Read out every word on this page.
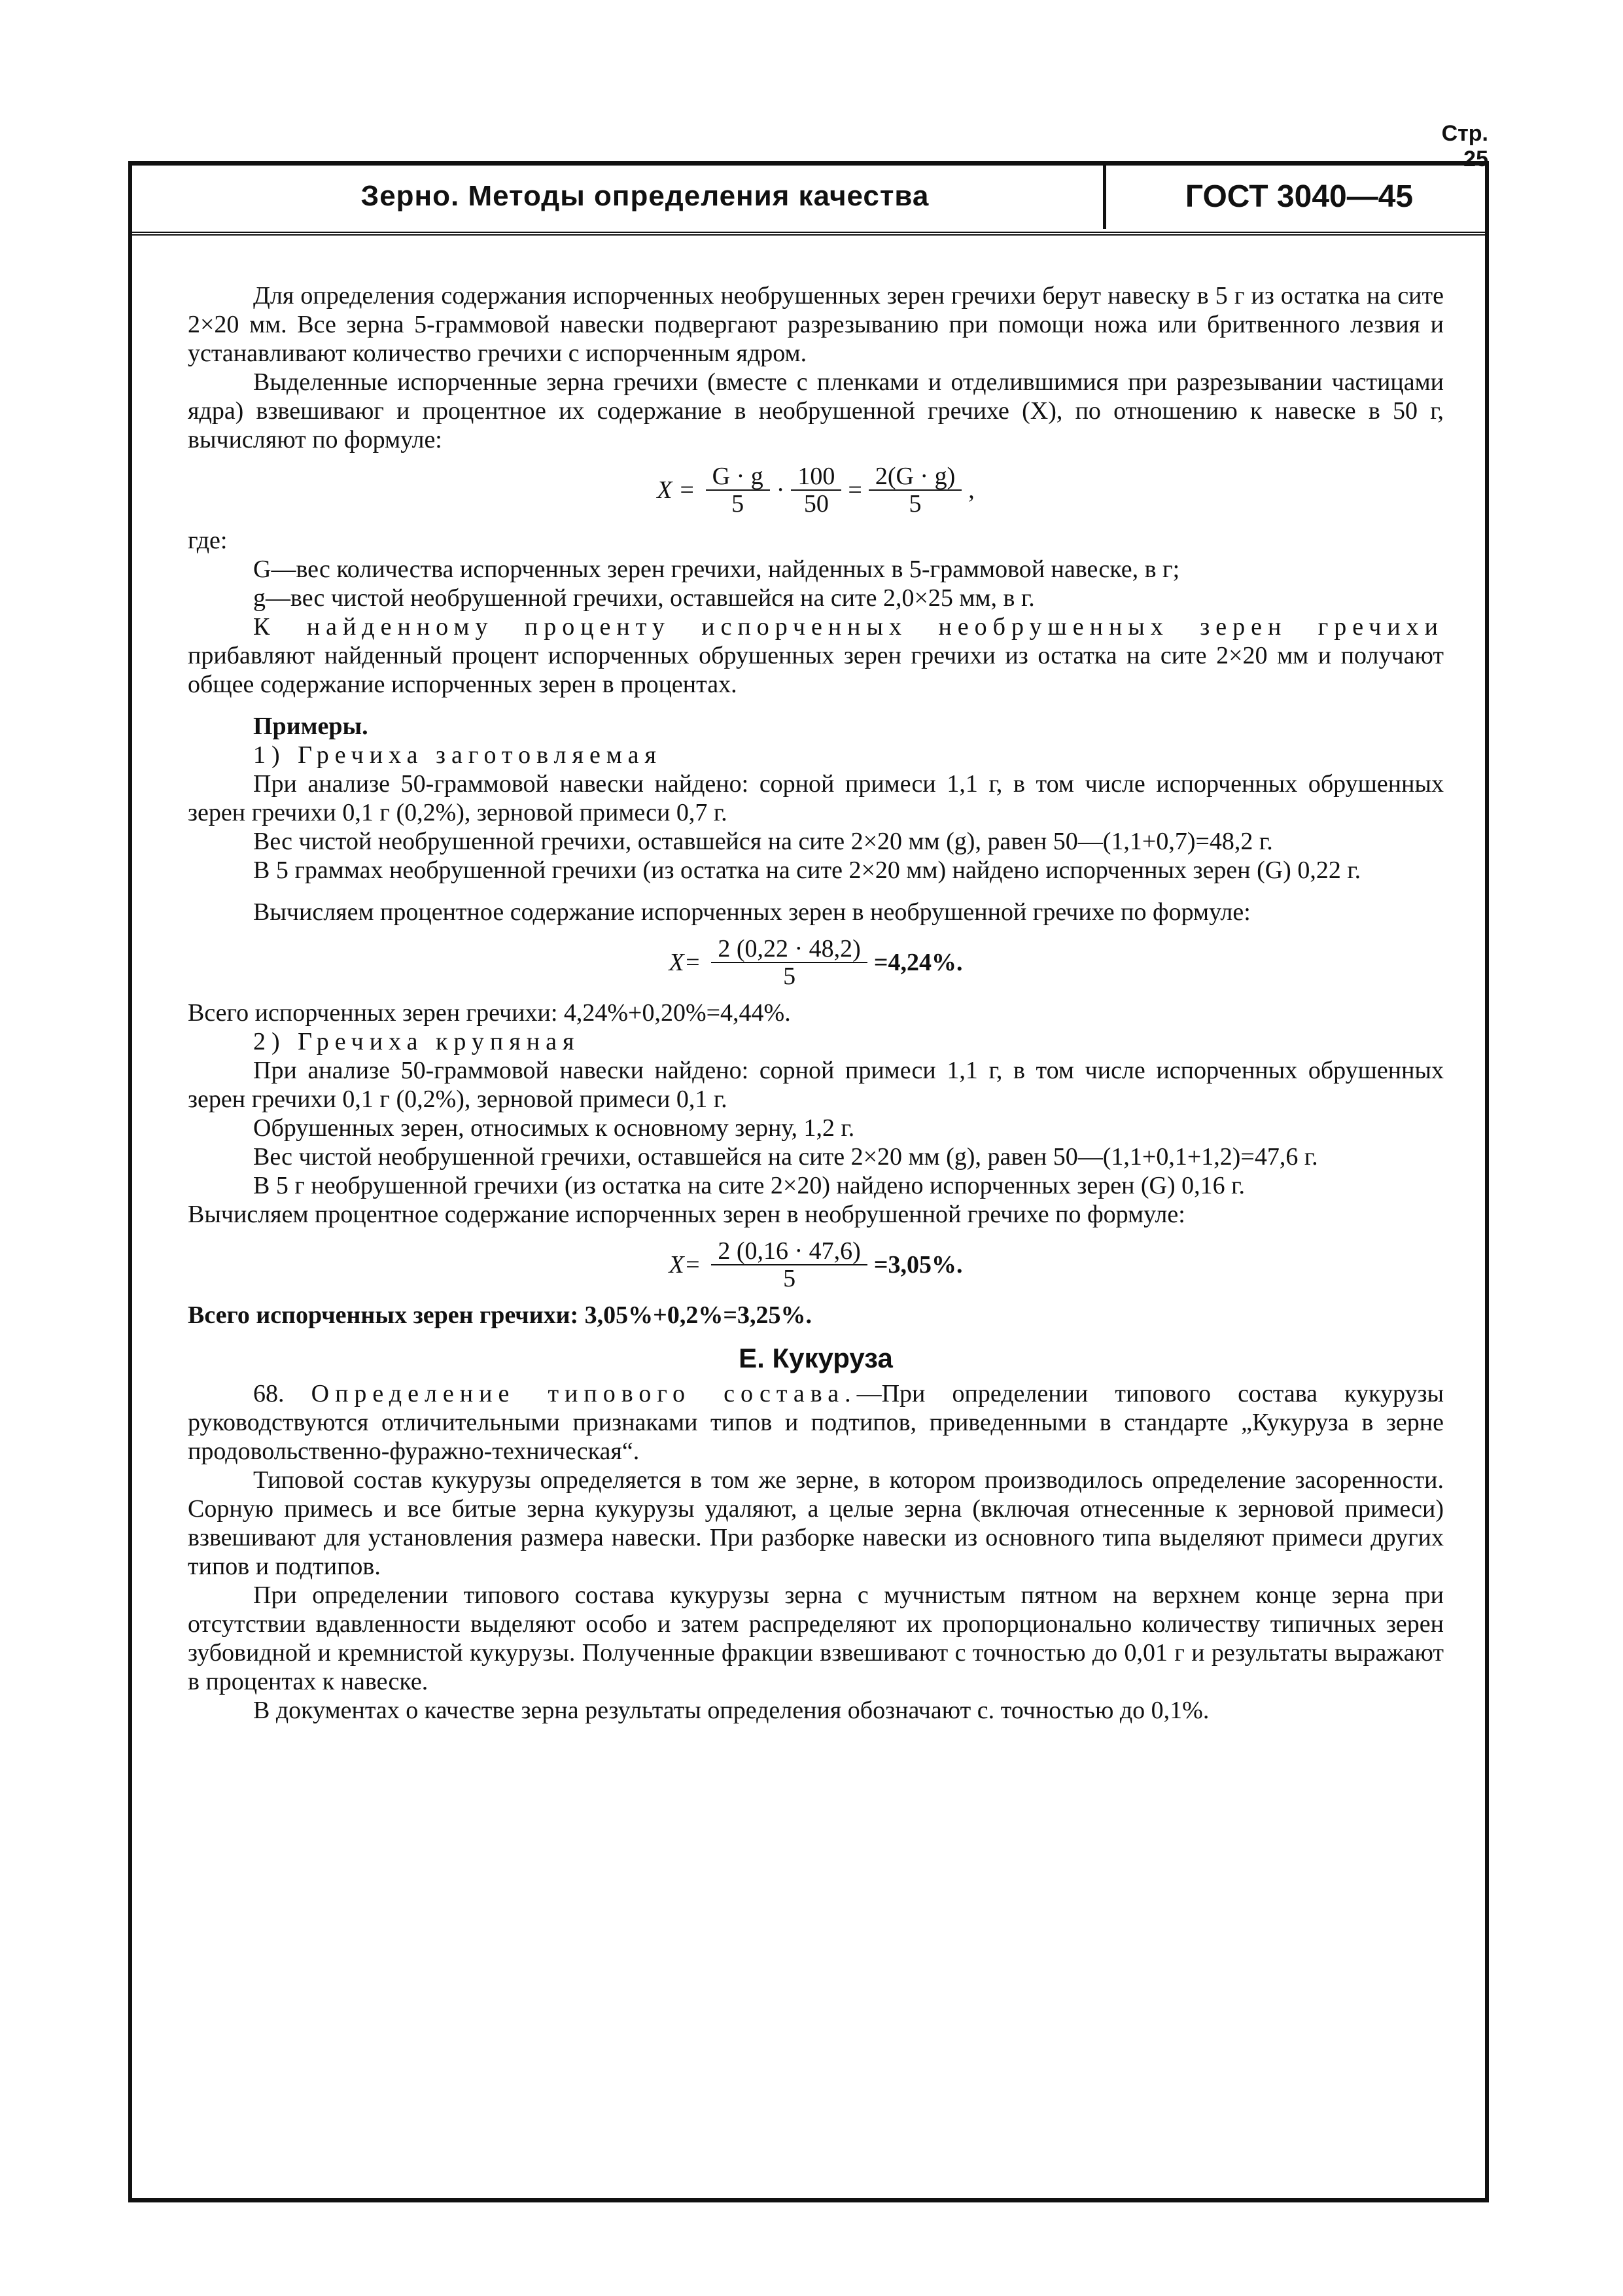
Стр. 25
Зерно. Методы определения качества	ГОСТ 3040—45

Для определения содержания испорченных необрушенных зерен гречихи берут навеску в 5 г из остатка на сите 2×20 мм. Все зерна 5-граммовой навески подвергают разрезыванию при помощи ножа или бритвенного лезвия и устанавливают количество гречихи с испорченным ядром.

Выделенные испорченные зерна гречихи (вместе с пленками и отделившимися при разрезывании частицами ядра) взвешиваюг и процентное их содержание в необрушенной гречихе (X), по отношению к навеске в 50 г, вычисляют по формуле:

$X = \frac{G \cdot g}{5} \cdot \frac{100}{50} = \frac{2(G \cdot g)}{5}$ ,

где:

G—вес количества испорченных зерен гречихи, найденных в 5-граммовой навеске, в г;

g—вес чистой необрушенной гречихи, оставшейся на сите 2,0×25 мм, в г.

К найденному проценту испорченных необрушенных зерен гречихи прибавляют найденный процент испорченных обрушенных зерен гречихи из остатка на сите 2×20 мм и получают общее содержание испорченных зерен в процентах.

Примеры.

1) Гречиха заготовляемая

При анализе 50-граммовой навески найдено: сорной примеси 1,1 г, в том числе испорченных обрушенных зерен гречихи 0,1 г (0,2%), зерновой примеси 0,7 г.

Вес чистой необрушенной гречихи, оставшейся на сите 2×20 мм (g), равен 50—(1,1+0,7)=48,2 г.

В 5 граммах необрушенной гречихи (из остатка на сите 2×20 мм) найдено испорченных зерен (G) 0,22 г.

Вычисляем процентное содержание испорченных зерен в необрушенной гречихе по формуле:

$X= \frac{2 (0,22 \cdot 48,2)}{5} =4,24\%$.

Всего испорченных зерен гречихи: 4,24%+0,20%=4,44%.

2) Гречиха крупяная

При анализе 50-граммовой навески найдено: сорной примеси 1,1 г, в том числе испорченных обрушенных зерен гречихи 0,1 г (0,2%), зерновой примеси 0,1 г.

Обрушенных зерен, относимых к основному зерну, 1,2 г.

Вес чистой необрушенной гречихи, оставшейся на сите 2×20 мм (g), равен 50—(1,1+0,1+1,2)=47,6 г.

В 5 г необрушенной гречихи (из остатка на сите 2×20) найдено испорченных зерен (G) 0,16 г.

Вычисляем процентное содержание испорченных зерен в необрушенной гречихе по формуле:

$X= \frac{2 (0,16 \cdot 47,6)}{5} =3,05\%$.

Всего испорченных зерен гречихи: 3,05%+0,2%=3,25%.

Е. Кукуруза

68. Определение типового состава.—При определении типового состава кукурузы руководствуются отличительными признаками типов и подтипов, приведенными в стандарте „Кукуруза в зерне продовольственно-фуражно-техническая“.

Типовой состав кукурузы определяется в том же зерне, в котором производилось определение засоренности. Сорную примесь и все битые зерна кукурузы удаляют, а целые зерна (включая отнесенные к зерновой примеси) взвешивают для установления размера навески. При разборке навески из основного типа выделяют примеси других типов и подтипов.

При определении типового состава кукурузы зерна с мучнистым пятном на верхнем конце зерна при отсутствии вдавленности выделяют особо и затем распределяют их пропорционально количеству типичных зерен зубовидной и кремнистой кукурузы. Полученные фракции взвешивают с точностью до 0,01 г и результаты выражают в процентах к навеске.

В документах о качестве зерна результаты определения обозначают с. точностью до 0,1%.
